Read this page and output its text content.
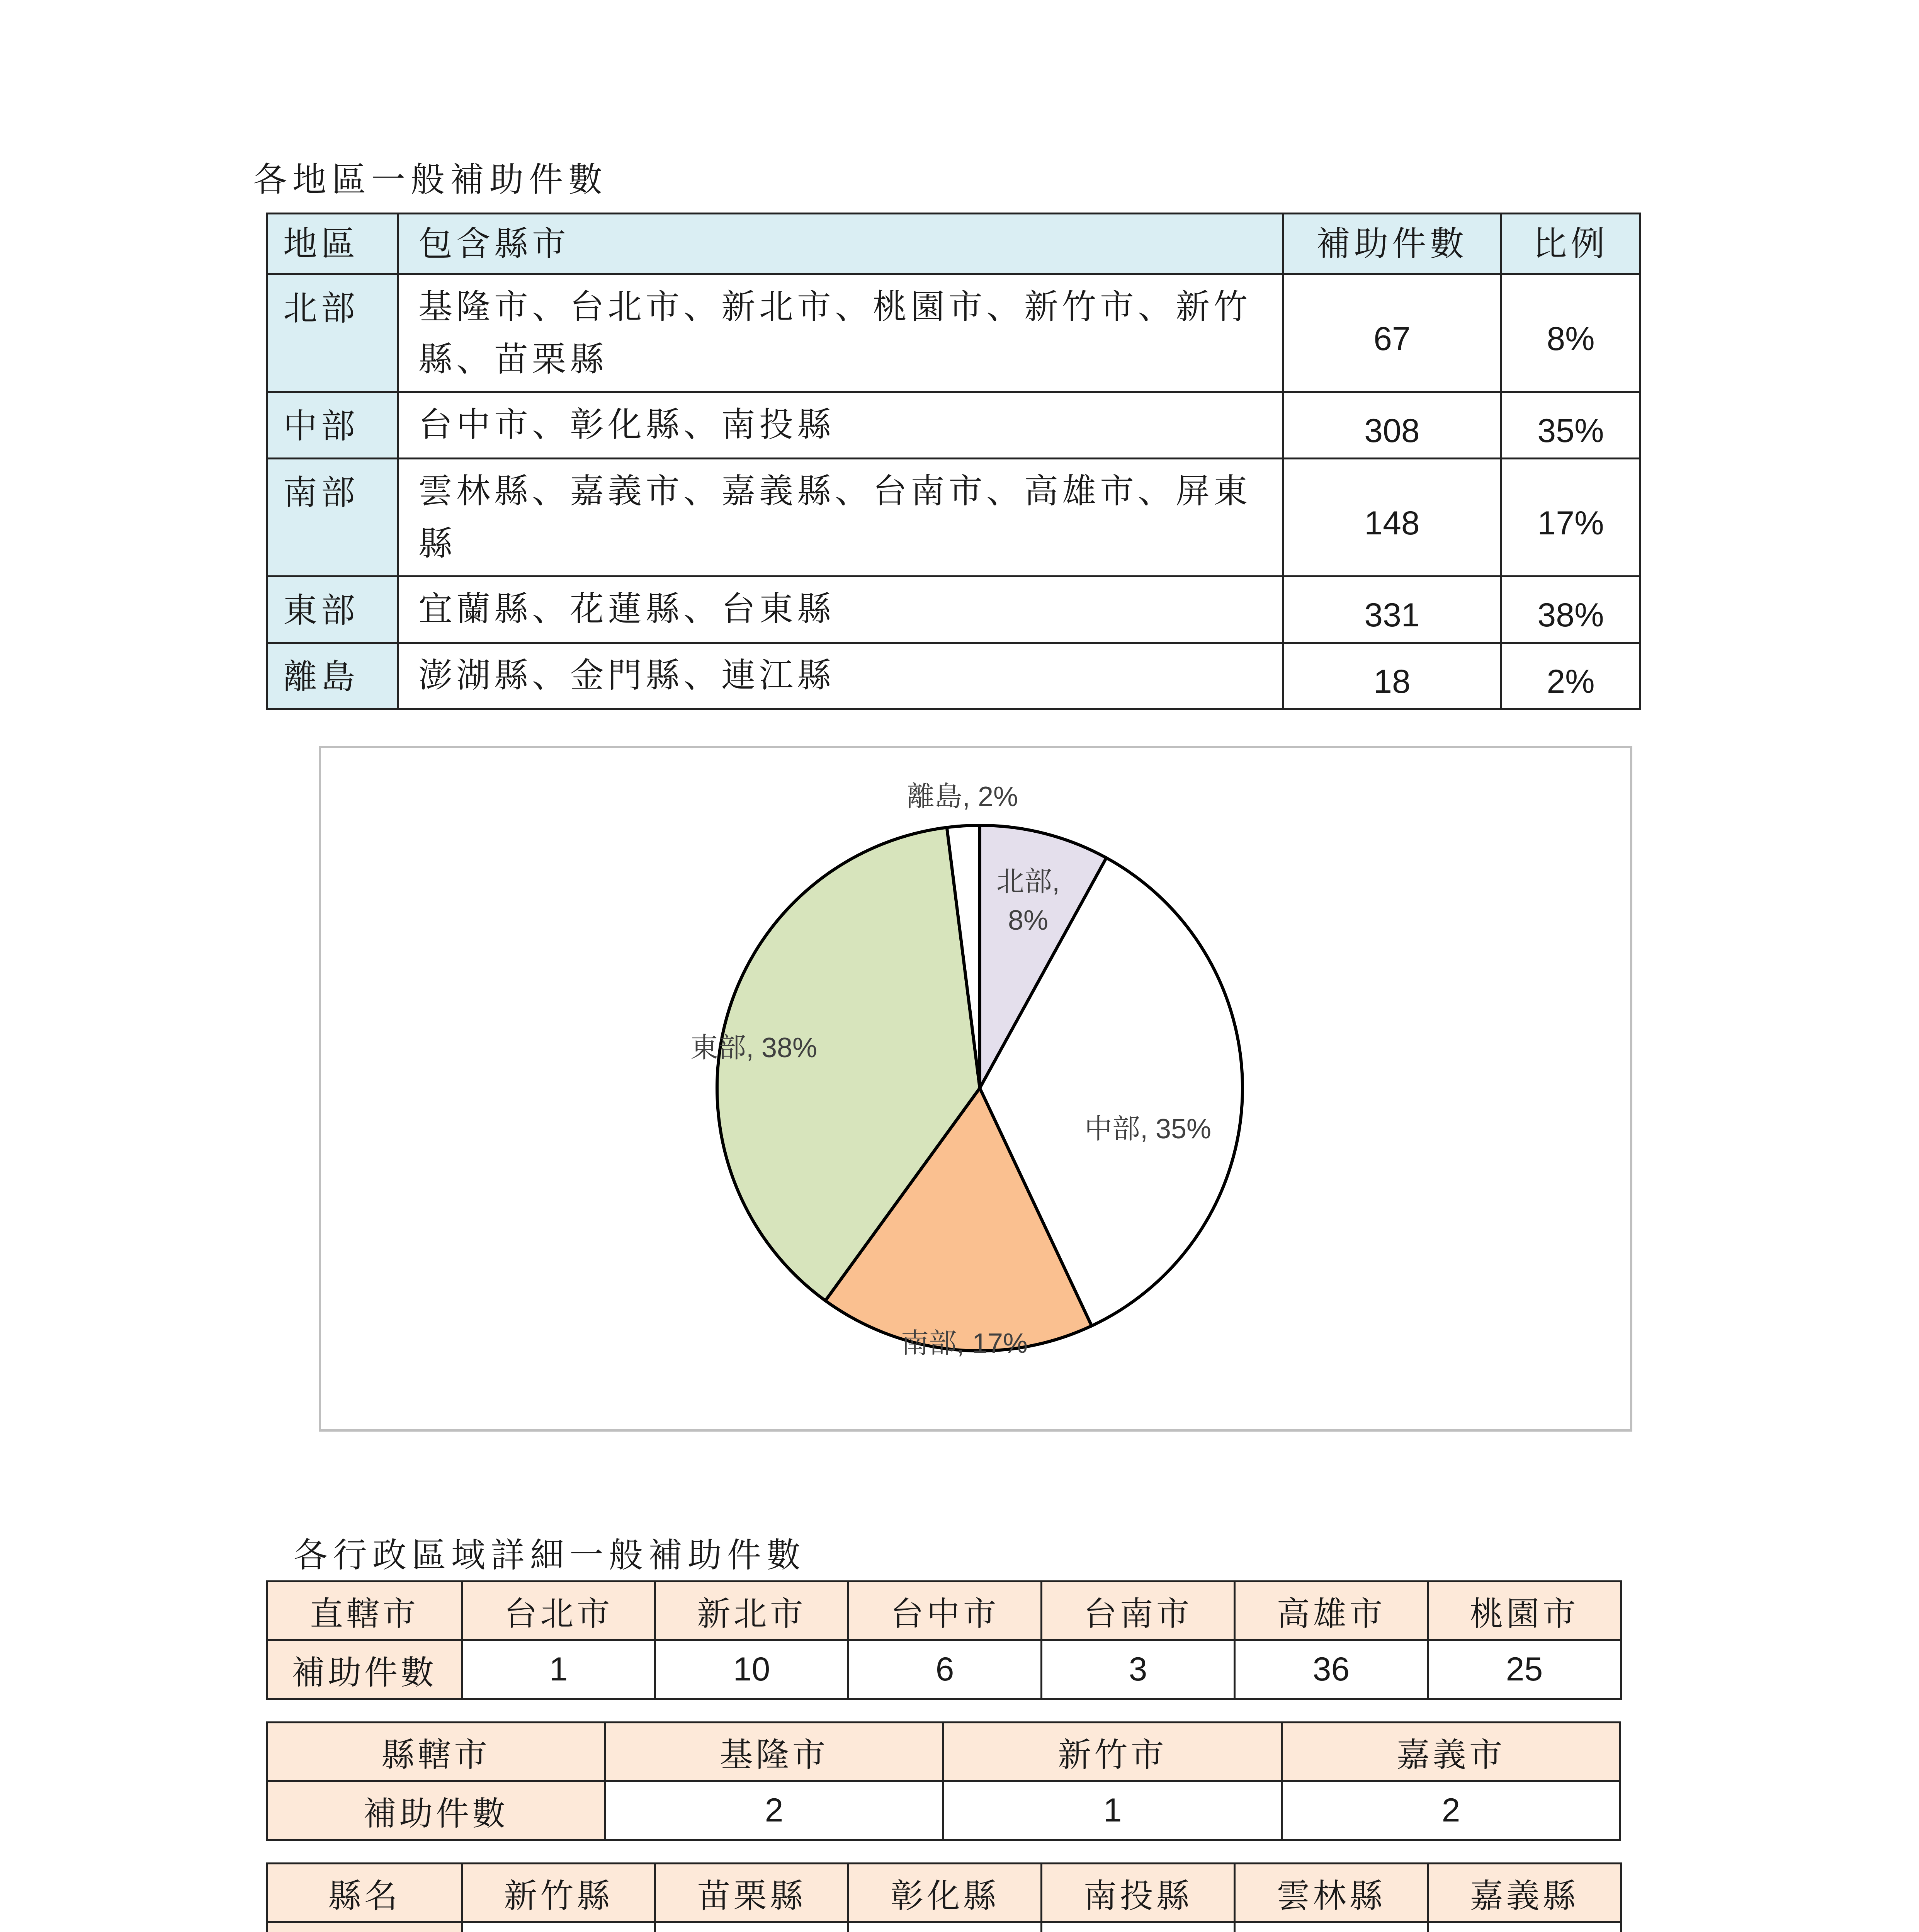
各地區一般補助件數
地區	包含縣市	補助件數	比例
北部	基隆市、台北市、新北市、桃園市、新竹市、新竹縣、苗栗縣	67	8%
中部	台中市、彰化縣、南投縣	308	35%
南部	雲林縣、嘉義市、嘉義縣、台南市、高雄市、屏東縣	148	17%
東部	宜蘭縣、花蓮縣、台東縣	331	38%
離島	澎湖縣、金門縣、連江縣	18	2%
北部, 8%
中部, 35%
南部, 17%
東部, 38%
離島, 2%
各行政區域詳細一般補助件數
直轄市	台北市	新北市	台中市	台南市	高雄市	桃園市
補助件數	1	10	6	3	36	25
縣轄市	基隆市	新竹市	嘉義市
補助件數	2	1	2
縣名	新竹縣	苗栗縣	彰化縣	南投縣	雲林縣	嘉義縣
